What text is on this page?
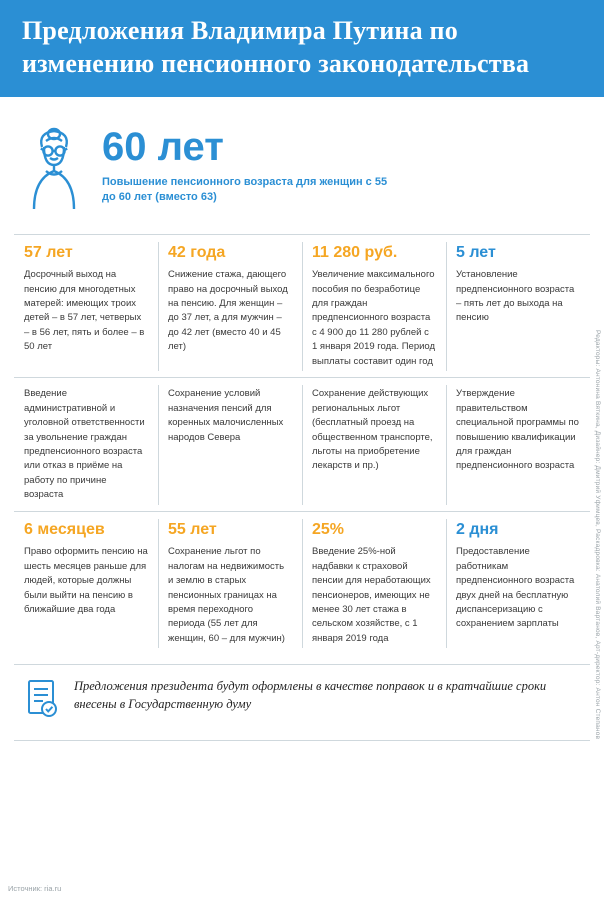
Предложения Владимира Путина по изменению пенсионного законодательства
60 лет
Повышение пенсионного возраста для женщин с 55 до 60 лет (вместо 63)
57 лет

Досрочный выход на пенсию для многодетных матерей: имеющих троих детей – в 57 лет, четверых – в 56 лет, пять и более – в 50 лет

42 года

Снижение стажа, дающего право на досрочный выход на пенсию. Для женщин – до 37 лет, а для мужчин – до 42 лет (вместо 40 и 45 лет)

11 280 руб.

Увеличение максимального пособия по безработице для граждан предпенсионного возраста с 4 900 до 11 280 рублей с 1 января 2019 года. Период выплаты составит один год

5 лет

Установление предпенсионного возраста – пять лет до выхода на пенсию

Введение административной и уголовной ответственности за увольнение граждан предпенсионного возраста или отказ в приёме на работу по причине возраста

Сохранение условий назначения пенсий для коренных малочисленных народов Севера

Сохранение действующих региональных льгот (бесплатный проезд на общественном транспорте, льготы на приобретение лекарств и пр.)

Утверждение правительством специальной программы по повышению квалификации для граждан предпенсионного возраста

6 месяцев

Право оформить пенсию на шесть месяцев раньше для людей, которые должны были выйти на пенсию в ближайшие два года

55 лет

Сохранение льгот по налогам на недвижимость и землю в старых пенсионных границах на время переходного периода (55 лет для женщин, 60 – для мужчин)

25%

Введение 25%-ной надбавки к страховой пенсии для неработающих пенсионеров, имеющих не менее 30 лет стажа в сельском хозяйстве, с 1 января 2019 года

2 дня

Предоставление работникам предпенсионного возраста двух дней на бесплатную диспансеризацию с сохранением зарплаты

Предложения президента будут оформлены в качестве поправок и в кратчайшие сроки внесены в Государственную думу
Источник: ria.ru
Редакторы: Антонина Вяткина, Дизайнер: Дмитрий Уфимцев, Раскадровка: Анатолий Вартанов, Арт-директор: Антон Степанов
